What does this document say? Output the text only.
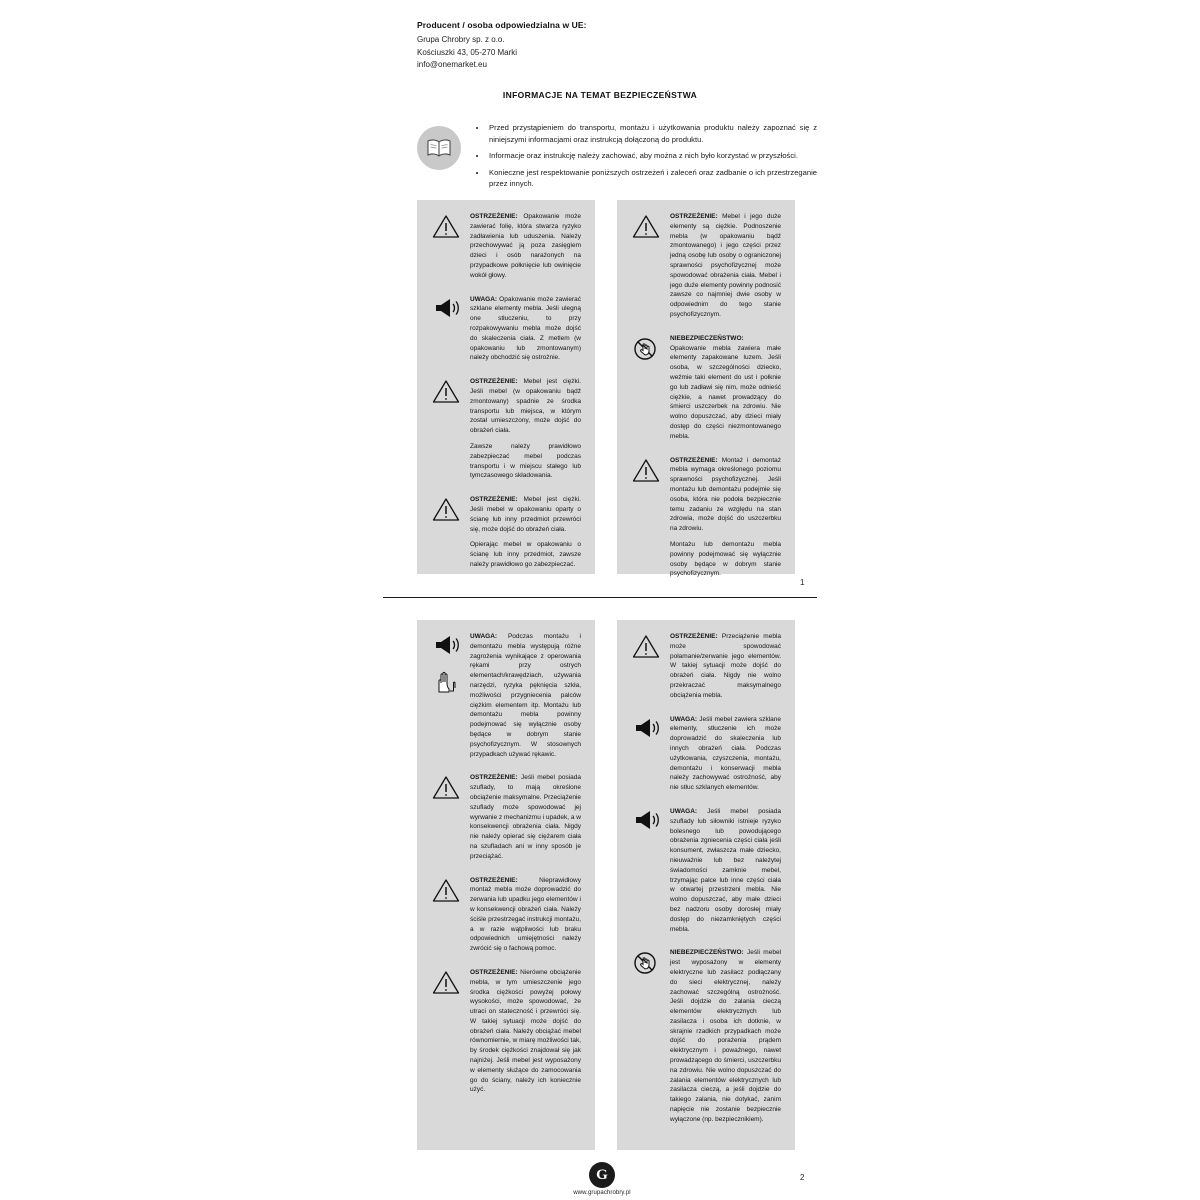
Producent / osoba odpowiedzialna w UE:
Grupa Chrobry sp. z o.o.
Kościuszki 43, 05-270 Marki
info@onemarket.eu
INFORMACJE NA TEMAT BEZPIECZEŃSTWA
• Przed przystąpieniem do transportu, montażu i użytkowania produktu należy zapoznać się z niniejszymi informacjami oraz instrukcją dołączoną do produktu.
• Informacje oraz instrukcję należy zachować, aby można z nich było korzystać w przyszłości.
• Konieczne jest respektowanie poniższych ostrzeżeń i zaleceń oraz zadbanie o ich przestrzeganie przez innych.

OSTRZEŻENIE: Opakowanie może zawierać folię, która stwarza ryzyko zadławienia lub uduszenia. Należy przechowywać ją poza zasięgiem dzieci i osób narażonych na przypadkowe połknięcie lub owinięcie wokół głowy.

UWAGA: Opakowanie może zawierać szklane elementy mebla. Jeśli ulegną one stłuczeniu, to przy rozpakowywaniu mebla może dojść do skaleczenia ciała. Z metlem (w opakowaniu lub zmontowanym) należy obchodzić się ostrożnie.

OSTRZEŻENIE: Mebel jest ciężki. Jeśli mebel (w opakowaniu bądź zmontowany) spadnie ze środka transportu lub miejsca, w którym został umieszczony, może dojść do obrażeń ciała.

Zawsze należy prawidłowo zabezpieczać mebel podczas transportu i w miejscu stałego lub tymczasowego składowania.

OSTRZEŻENIE: Mebel jest ciężki. Jeśli mebel w opakowaniu oparty o ścianę lub inny przedmiot przewróci się, może dojść do obrażeń ciała.

Opierając mebel w opakowaniu o ścianę lub inny przedmiot, zawsze należy prawidłowo go zabezpieczać.

OSTRZEŻENIE: Mebel i jego duże elementy są ciężkie. Podnoszenie mebla (w opakowaniu bądź zmontowanego) i jego części przez jedną osobę lub osoby o ograniczonej sprawności psychofizycznej może spowodować obrażenia ciała. Mebel i jego duże elementy powinny podnosić zawsze co najmniej dwie osoby w odpowiednim do tego stanie psychofizycznym.

NIEBEZPIECZEŃSTWO: Opakowanie mebla zawiera małe elementy zapakowane luzem. Jeśli osoba, w szczególności dziecko, weźmie taki element do ust i połknie go lub zadławi się nim, może odnieść ciężkie, a nawet prowadzący do śmierci uszczerbek na zdrowiu. Nie wolno dopuszczać, aby dzieci miały dostęp do części niezmontowanego mebla.

OSTRZEŻENIE: Montaż i demontaż mebla wymaga określonego poziomu sprawności psychofizycznej. Jeśli montażu lub demontażu podejmie się osoba, która nie podoła bezpiecznie temu zadaniu ze względu na stan zdrowia, może dojść do uszczerbku na zdrowiu.

Montażu lub demontażu mebla powinny podejmować się wyłącznie osoby będące w dobrym stanie psychofizycznym.

1

UWAGA: Podczas montażu i demontażu mebla występują różne zagrożenia wynikające z operowania rękami przy ostrych elementach/krawędziach, używania narzędzi, ryzyka pęknięcia szkła, możliwości przygniecenia palców ciężkim elementem itp. Montażu lub demontażu mebla powinny podejmować się wyłącznie osoby będące w dobrym stanie psychofizycznym. W stosownych przypadkach używać rękawic.

OSTRZEŻENIE: Jeśli mebel posiada szuflady, to mają określone obciążenie maksymalne. Przeciążenie szuflady może spowodować jej wyrwanie z mechanizmu i upadek, a w konsekwencji obrażenia ciała. Nigdy nie należy opierać się ciężarem ciała na szufladach ani w inny sposób je przeciążać.

OSTRZEŻENIE:	Nieprawidłowy montaż mebla może doprowadzić do zerwania lub upadku jego elementów i w konsekwencji obrażeń ciała. Należy ściśle przestrzegać instrukcji montażu, a w razie wątpliwości lub braku odpowiednich umiejętności należy zwrócić się o fachową pomoc.

OSTRZEŻENIE: Nierówne obciążenie mebla, w tym umieszczenie jego środka ciężkości powyżej połowy wysokości, może spowodować, że utraci on stateczność i przewróci się. W takiej sytuacji może dojść do obrażeń ciała. Należy obciążać mebel równomiernie, w miarę możliwości tak, by środek ciężkości znajdował się jak najniżej. Jeśli mebel jest wyposażony w elementy służące do zamocowania go do ściany, należy ich koniecznie użyć.

OSTRZEŻENIE: Przeciążenie mebla może spowodować połamanie/zerwanie jego elementów. W takiej sytuacji może dojść do obrażeń ciała. Nigdy nie wolno przekraczać maksymalnego obciążenia mebla.

UWAGA: Jeśli mebel zawiera szklane elementy, stłuczenie ich może doprowadzić do skaleczenia lub innych obrażeń ciała. Podczas użytkowania, czyszczenia, montażu, demontażu i konserwacji mebla należy zachowywać ostrożność, aby nie stłuc szklanych elementów.

UWAGA: Jeśli mebel posiada szuflady lub siłowniki istnieje ryzyko bolesnego lub powodującego obrażenia zgniecenia części ciała jeśli konsument, zwłaszcza małe dziecko, nieuważnie lub bez należytej świadomości zamknie mebel, trzymając palce lub inne części ciała w otwartej przestrzeni mebla. Nie wolno dopuszczać, aby małe dzieci bez nadzoru osoby dorosłej miały dostęp do niezamkniętych części mebla.

NIEBEZPIECZEŃSTWO: Jeśli mebel jest wyposażony w elementy elektryczne lub zasilacz podłączany do sieci elektrycznej, należy zachować szczególną ostrożność. Jeśli dojdzie do zalania cieczą elementów elektrycznych lub zasilacza i osoba ich dotknie, w skrajnie rzadkich przypadkach może dojść do porażenia prądem elektrycznym i poważnego, nawet prowadzącego do śmierci, uszczerbku na zdrowiu. Nie wolno dopuszczać do zalania elementów elektrycznych lub zasilacza cieczą, a jeśli dojdzie do takiego zalania, nie dotykać, zanim napięcie nie zostanie bezpiecznie wyłączone (np. bezpiecznikiem).

G
www.grupachrobry.pl
2
